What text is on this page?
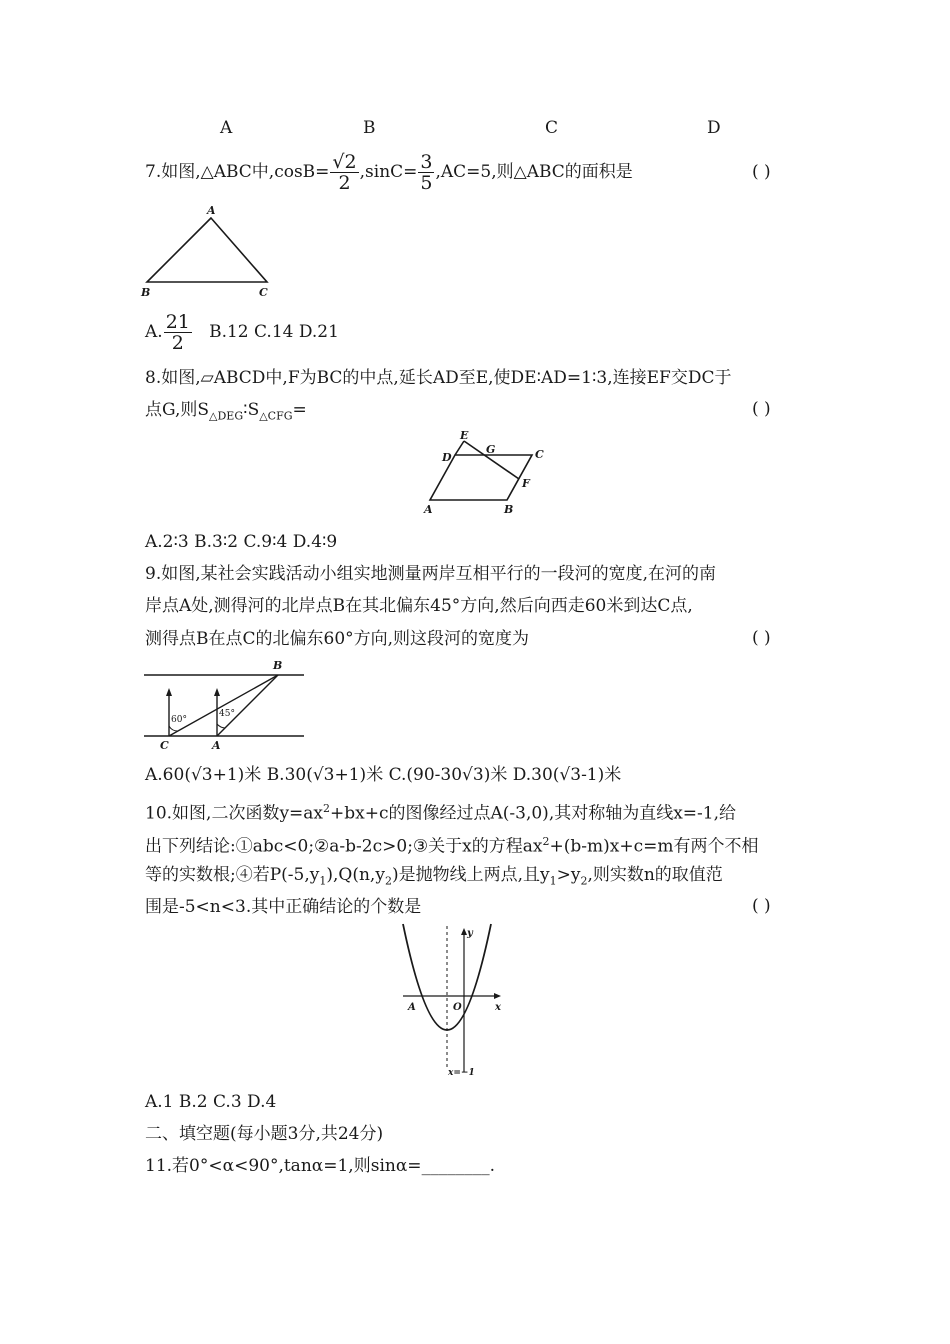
A	B	C	D
7.如图,△ABC中$,\cos B= \frac{√2}{2} ,\sin C= \frac{3}{5} ,AC=5$,则△ABC的面积是	( )
A
B	C
A. $\frac{21}{2} B.12$ C.14 D.21
8.如图,▱ABCD中,F为BC的中点,延长AD至E,使DE∶AD=1∶3,连接EF交DC于
点G,则$S_{\triangle DEG}∶S_{\triangle CFG}=$	( )
E
G
D	C
F
A	B
A.2∶3 B.3∶2 C.9∶4 D.4∶9
9.如图,某社会实践活动小组实地测量两岸互相平行的一段河的宽度,在河的南
岸点A处,测得河的北岸点B在其北偏东45°方向,然后向西走60米到达C点,
测得点B在点C的北偏东60°方向,则这段河的宽度为	( )
60°
45°
B
C	A
A.60(√3+1)米 B.30(√3+1)米 C.(90-30√3)米 D.30(√3-1)米
10.如图,二次函数$y=ax^2+bx+c$的图像经过点A(-3,0),其对称轴为直线x=-1,给
出下列结论:①abc<0;②a-b-2c>0;③关于x的方程$ax^2+(b-m)x+c=m$有两个不相
等的实数根;④若$P(-5,y_1),Q(n,y_2)$是抛物线上两点,且$y_1>y_2$,则实数n的取值范
围是-5<n<3.其中正确结论的个数是	( )
y
A	O	x
x=−1
A.1 B.2 C.3 D.4
二、填空题(每小题3分,共24分)
11.若0°<α<90°,tanα=1,则sinα=________.
